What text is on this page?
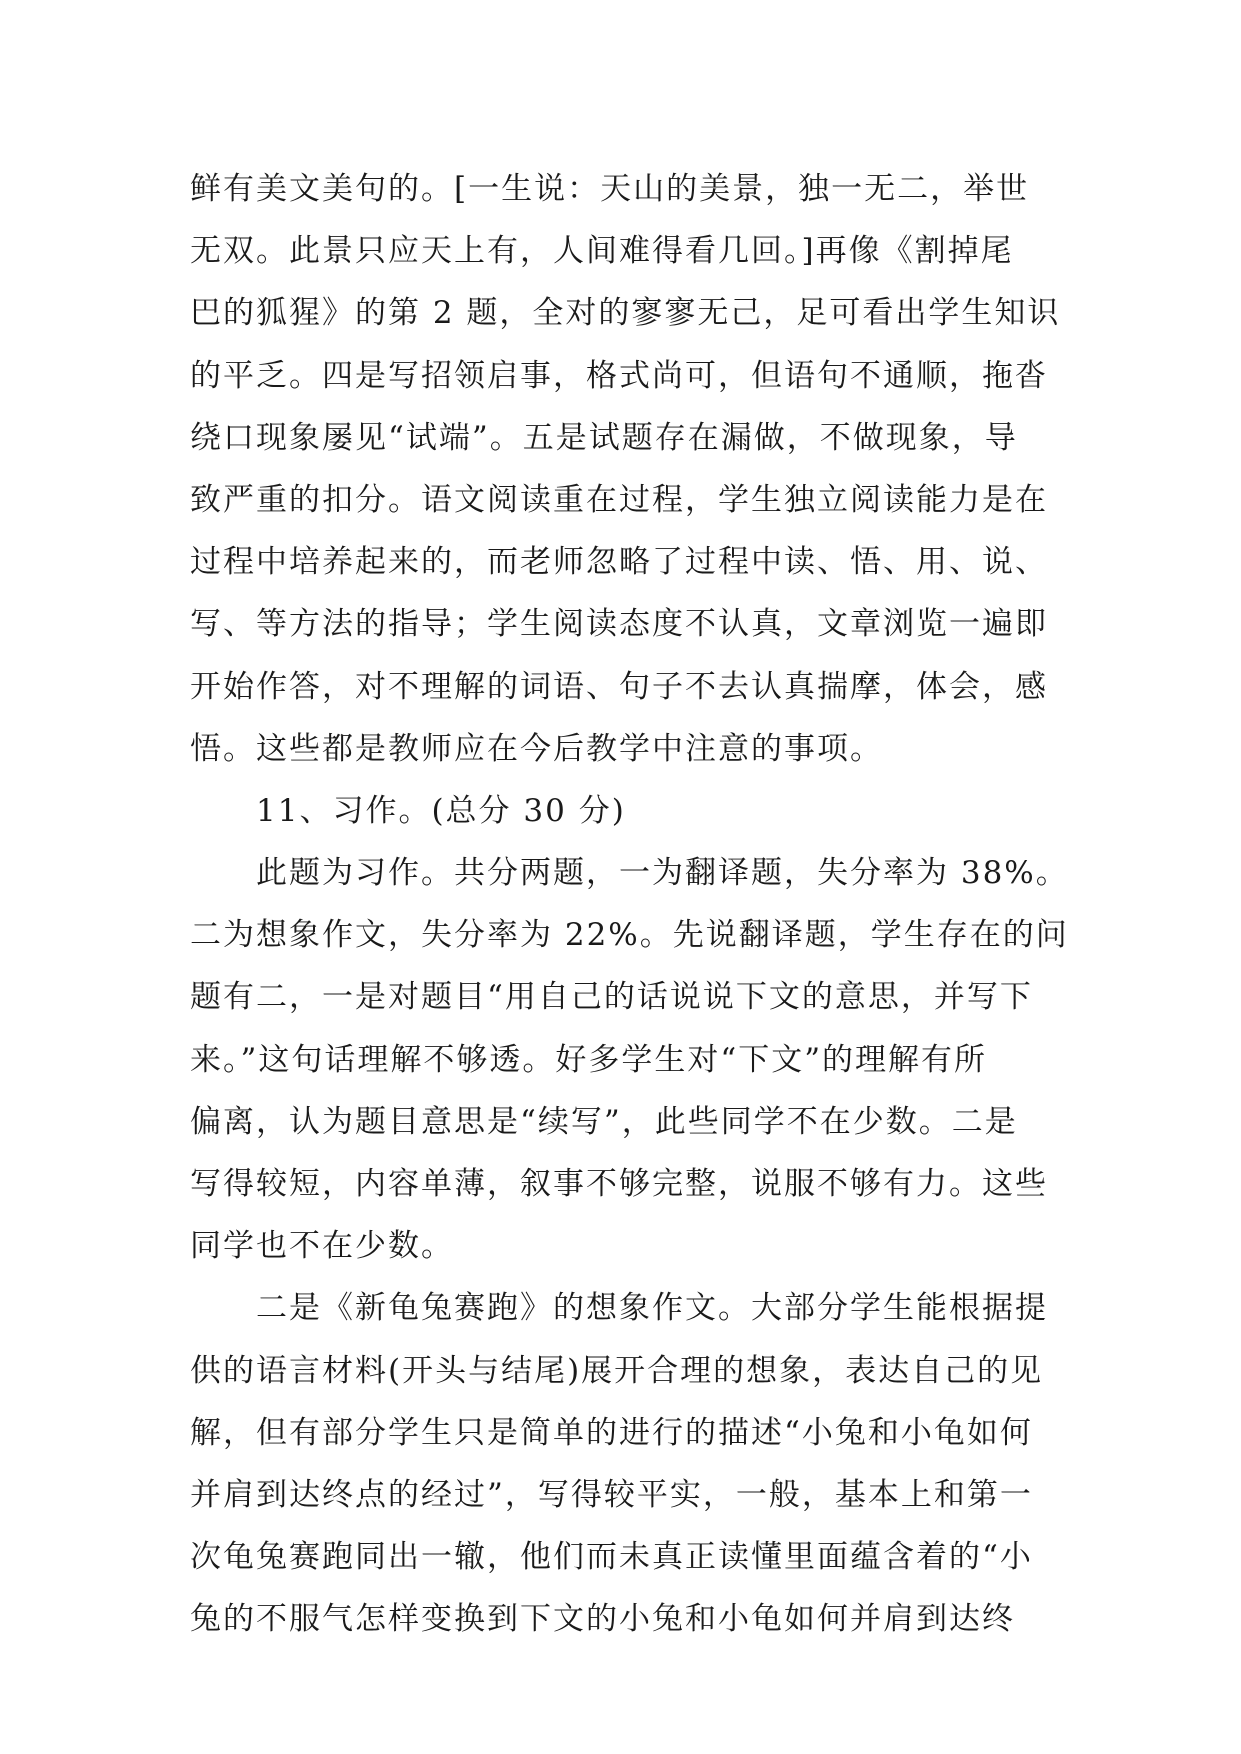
鲜有美文美句的。[一生说：天山的美景，独一无二，举世
无双。此景只应天上有，人间难得看几回。]再像《割掉尾
巴的狐猩》的第 2 题，全对的寥寥无己，足可看出学生知识
的平乏。四是写招领启事，格式尚可，但语句不通顺，拖沓
绕口现象屡见“试端”。五是试题存在漏做，不做现象，导
致严重的扣分。语文阅读重在过程，学生独立阅读能力是在
过程中培养起来的，而老师忽略了过程中读、悟、用、说、
写、等方法的指导；学生阅读态度不认真，文章浏览一遍即
开始作答，对不理解的词语、句子不去认真揣摩，体会，感
悟。这些都是教师应在今后教学中注意的事项。
11、习作。(总分 30 分)
此题为习作。共分两题，一为翻译题，失分率为 38%。
二为想象作文，失分率为 22%。先说翻译题，学生存在的问
题有二，一是对题目“用自己的话说说下文的意思，并写下
来。”这句话理解不够透。好多学生对“下文”的理解有所
偏离，认为题目意思是“续写”，此些同学不在少数。二是
写得较短，内容单薄，叙事不够完整，说服不够有力。这些
同学也不在少数。
二是《新龟兔赛跑》的想象作文。大部分学生能根据提
供的语言材料(开头与结尾)展开合理的想象，表达自己的见
解，但有部分学生只是简单的进行的描述“小兔和小龟如何
并肩到达终点的经过”，写得较平实，一般，基本上和第一
次龟兔赛跑同出一辙，他们而未真正读懂里面蕴含着的“小
兔的不服气怎样变换到下文的小兔和小龟如何并肩到达终
